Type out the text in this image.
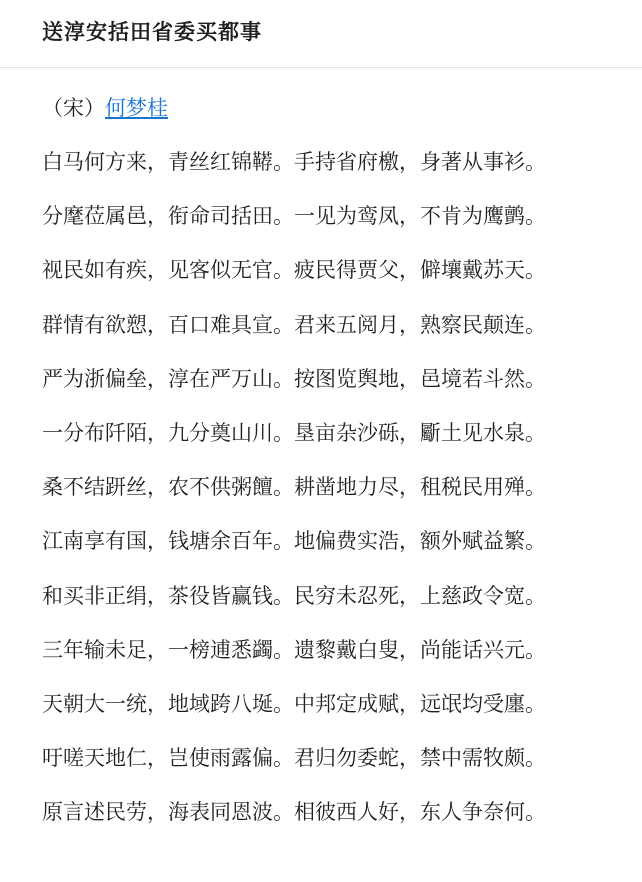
送淳安括田省委买都事
（宋）何梦桂
白马何方来，青丝红锦鞯。手持省府檄，身著从事衫。
分麾莅属邑，衔命司括田。一见为鸾凤，不肯为鹰鹯。
视民如有疾，见客似无官。疲民得贾父，僻壤戴苏天。
群情有欲愬，百口难具宣。君来五阅月，熟察民颠连。
严为浙偏垒，淳在严万山。按图览舆地，邑境若斗然。
一分布阡陌，九分奠山川。垦亩杂沙砾，斸土见水泉。
桑不结趼丝，农不供粥饘。耕凿地力尽，租税民用殚。
江南享有国，钱塘余百年。地偏费实浩，额外赋益繁。
和买非正绢，茶役皆赢钱。民穷未忍死，上慈政令宽。
三年输未足，一榜逋悉蠲。遗黎戴白叟，尚能话兴元。
天朝大一统，地域跨八埏。中邦定成赋，远氓均受廛。
吁嗟天地仁，岂使雨露偏。君归勿委蛇，禁中需牧颇。
原言述民劳，海表同恩波。相彼西人好，东人争奈何。
